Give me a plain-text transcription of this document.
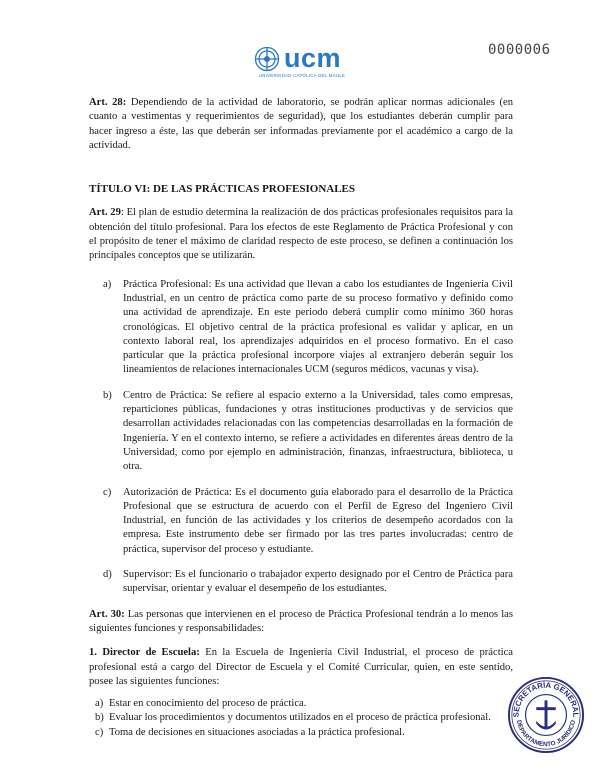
ucm
UNIVERSIDAD CATÓLICA DEL MAULE
0000006

Art. 28: Dependiendo de la actividad de laboratorio, se podrán aplicar normas adicionales (en cuanto a vestimentas y requerimientos de seguridad), que los estudiantes deberán cumplir para hacer ingreso a éste, las que deberán ser informadas previamente por el académico a cargo de la actividad.

TÍTULO VI: DE LAS PRÁCTICAS PROFESIONALES

Art. 29: El plan de estudio determina la realización de dos prácticas profesionales requisitos para la obtención del título profesional. Para los efectos de este Reglamento de Práctica Profesional y con el propósito de tener el máximo de claridad respecto de este proceso, se definen a continuación los principales conceptos que se utilizarán.

a) Práctica Profesional: Es una actividad que llevan a cabo los estudiantes de Ingeniería Civil Industrial, en un centro de práctica como parte de su proceso formativo y definido como una actividad de aprendizaje. En este periodo deberá cumplir como mínimo 360 horas cronológicas. El objetivo central de la práctica profesional es validar y aplicar, en un contexto laboral real, los aprendizajes adquiridos en el proceso formativo. En el caso particular que la práctica profesional incorpore viajes al extranjero deberán seguir los lineamientos de relaciones internacionales UCM (seguros médicos, vacunas y visa).

b) Centro de Práctica: Se refiere al espacio externo a la Universidad, tales como empresas, reparticiones públicas, fundaciones y otras instituciones productivas y de servicios que desarrollan actividades relacionadas con las competencias desarrolladas en la formación de Ingeniería. Y en el contexto interno, se refiere a actividades en diferentes áreas dentro de la Universidad, como por ejemplo en administración, finanzas, infraestructura, biblioteca, u otra.

c) Autorización de Práctica: Es el documento guía elaborado para el desarrollo de la Práctica Profesional que se estructura de acuerdo con el Perfil de Egreso del Ingeniero Civil Industrial, en función de las actividades y los criterios de desempeño acordados con la empresa. Este instrumento debe ser firmado por las tres partes involucradas: centro de práctica, supervisor del proceso y estudiante.

d) Supervisor: Es el funcionario o trabajador experto designado por el Centro de Práctica para supervisar, orientar y evaluar el desempeño de los estudiantes.

Art. 30: Las personas que intervienen en el proceso de Práctica Profesional tendrán a lo menos las siguientes funciones y responsabilidades:

1. Director de Escuela: En la Escuela de Ingeniería Civil Industrial, el proceso de práctica profesional está a cargo del Director de Escuela y el Comité Curricular, quien, en este sentido, posee las siguientes funciones:

a) Estar en conocimiento del proceso de práctica.

b) Evaluar los procedimientos y documentos utilizados en el proceso de práctica profesional.

c) Toma de decisiones en situaciones asociadas a la práctica profesional.

SECRETARÍA GENERAL
DEPARTAMENTO JURÍDICO
